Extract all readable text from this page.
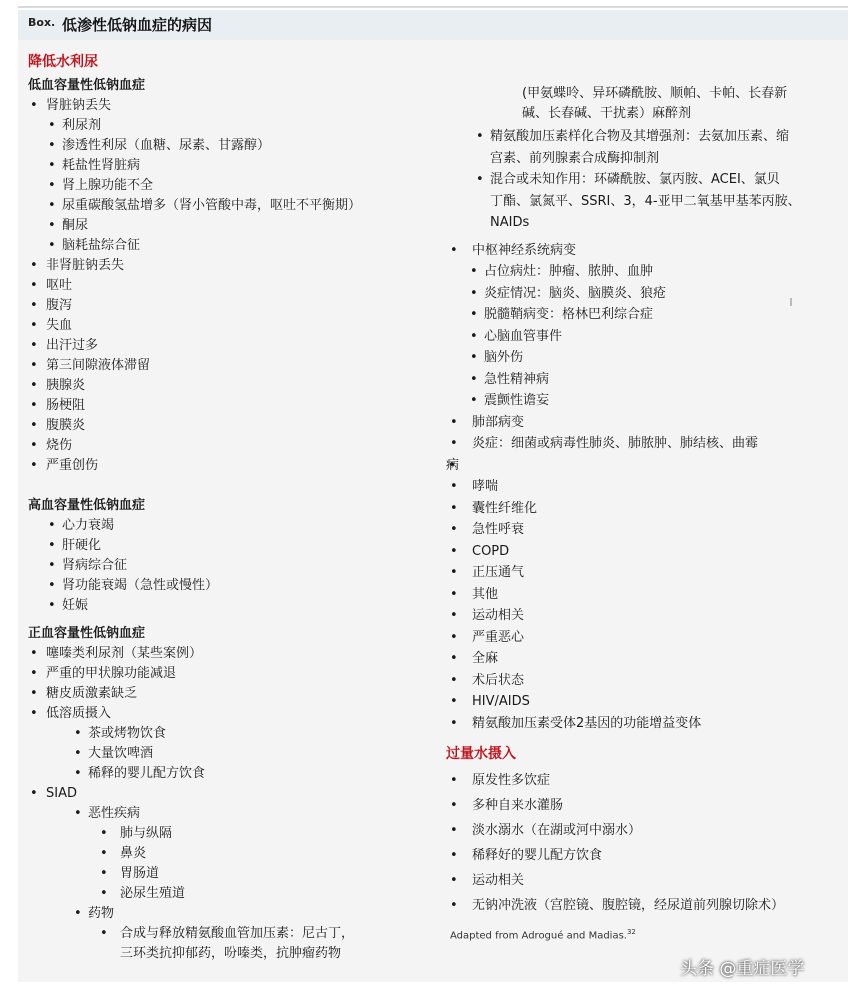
Box. 低渗性低钠血症的病因
降低水利尿
低血容量性低钠血症
• 肾脏钠丢失
• 利尿剂
• 渗透性利尿（血糖、尿素、甘露醇）
• 耗盐性肾脏病
• 肾上腺功能不全
• 尿重碳酸氢盐增多（肾小管酸中毒，呕吐不平衡期）
• 酮尿
• 脑耗盐综合征
• 非肾脏钠丢失
• 呕吐
• 腹泻
• 失血
• 出汗过多
• 第三间隙液体滞留
• 胰腺炎
• 肠梗阻
• 腹膜炎
• 烧伤
• 严重创伤
高血容量性低钠血症
• 心力衰竭
• 肝硬化
• 肾病综合征
• 肾功能衰竭（急性或慢性）
• 妊娠
正血容量性低钠血症
• 噻嗪类利尿剂（某些案例）
• 严重的甲状腺功能减退
• 糖皮质激素缺乏
• 低溶质摄入
• 茶或烤物饮食
• 大量饮啤酒
• 稀释的婴儿配方饮食
• SIAD
• 恶性疾病
• 肺与纵隔
• 鼻炎
• 胃肠道
• 泌尿生殖道
• 药物
• 合成与释放精氨酸血管加压素：尼古丁，
三环类抗抑郁药，吩嗪类，抗肿瘤药物
(甲氨蝶呤、异环磷酰胺、顺帕、卡帕、长春新
碱、长春碱、干扰素）麻醉剂
• 精氨酸加压素样化合物及其增强剂：去氨加压素、缩
宫素、前列腺素合成酶抑制剂
• 混合或未知作用：环磷酰胺、氯丙胺、ACEI、氯贝
丁酯、氯氮平、SSRI、3，4-亚甲二氧基甲基苯丙胺、
NAIDs
• 中枢神经系统病变
• 占位病灶：肿瘤、脓肿、血肿
• 炎症情况：脑炎、脑膜炎、狼疮
• 脱髓鞘病变：格林巴利综合症
• 心脑血管事件
• 脑外伤
• 急性精神病
• 震颤性谵妄
• 肺部病变
• 炎症：细菌或病毒性肺炎、肺脓肿、肺结核、曲霉
• 病
• 哮喘
• 囊性纤维化
• 急性呼衰
• COPD
• 正压通气
• 其他
• 运动相关
• 严重恶心
• 全麻
• 术后状态
• HIV/AIDS
• 精氨酸加压素受体2基因的功能增益变体
过量水摄入
• 原发性多饮症
• 多种自来水灌肠
• 淡水溺水（在湖或河中溺水）
• 稀释好的婴儿配方饮食
• 运动相关
• 无钠冲洗液（宫腔镜、腹腔镜，经尿道前列腺切除术）
Adapted from Adrogué and Madias.$^{32}$
头条 @重症医学
